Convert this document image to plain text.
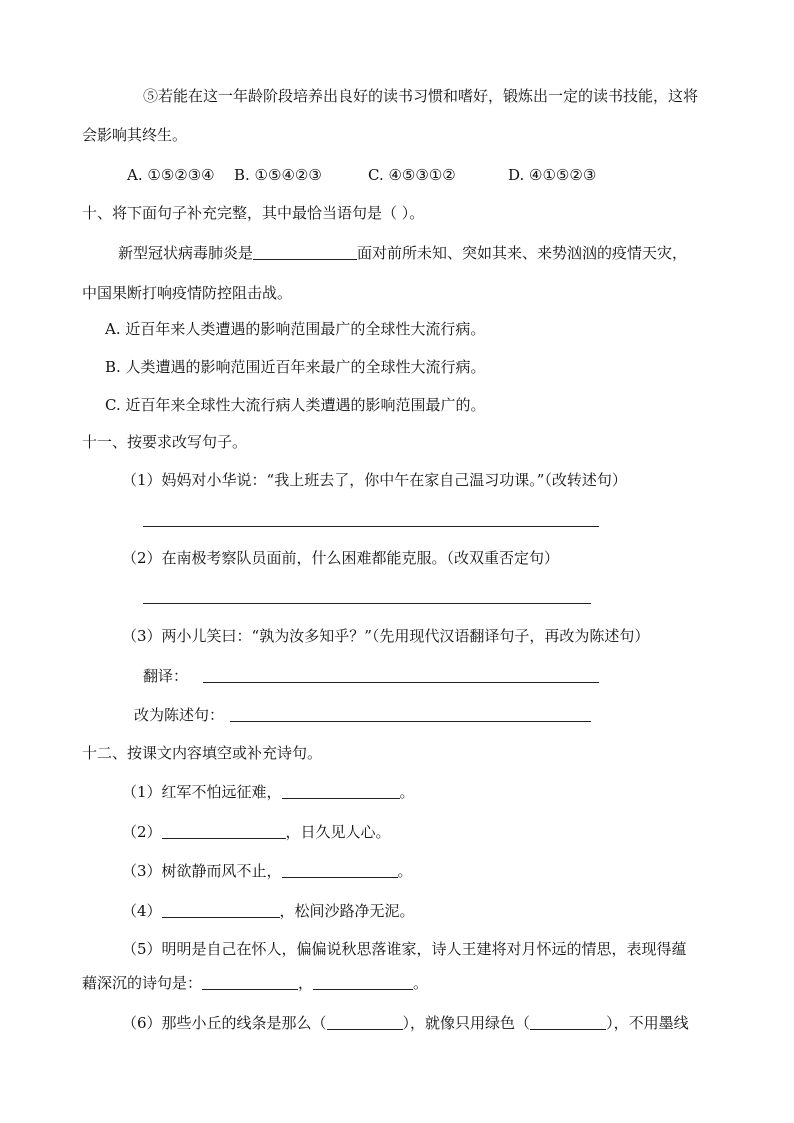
⑤若能在这一年龄阶段培养出良好的读书习惯和嗜好，锻炼出一定的读书技能，这将
会影响其终生。
A. ①⑤②③④ B. ①⑤④②③	C. ④⑤③①②	D. ④①⑤②③
十、将下面句子补充完整，其中最恰当语句是（ ）。
新型冠状病毒肺炎是	面对前所未知、突如其来、来势汹汹的疫情天灾，
中国果断打响疫情防控阻击战。
A. 近百年来人类遭遇的影响范围最广的全球性大流行病。
B. 人类遭遇的影响范围近百年来最广的全球性大流行病。
C. 近百年来全球性大流行病人类遭遇的影响范围最广的。
十一、按要求改写句子。
（1）妈妈对小华说：“我上班去了，你中午在家自己温习功课。”（改转述句）
（2）在南极考察队员面前，什么困难都能克服。（改双重否定句）
（3）两小儿笑曰：“孰为汝多知乎？”（先用现代汉语翻译句子，再改为陈述句）
翻译：
改为陈述句：
十二、按课文内容填空或补充诗句。
（1）红军不怕远征难，	。
（2）	，日久见人心。
（3）树欲静而风不止，	。
（4）	，松间沙路净无泥。
（5）明明是自己在怀人，偏偏说秋思落谁家，诗人王建将对月怀远的情思，表现得蕴
藉深沉的诗句是：	，	。
（6）那些小丘的线条是那么（	），就像只用绿色（	），不用墨线
